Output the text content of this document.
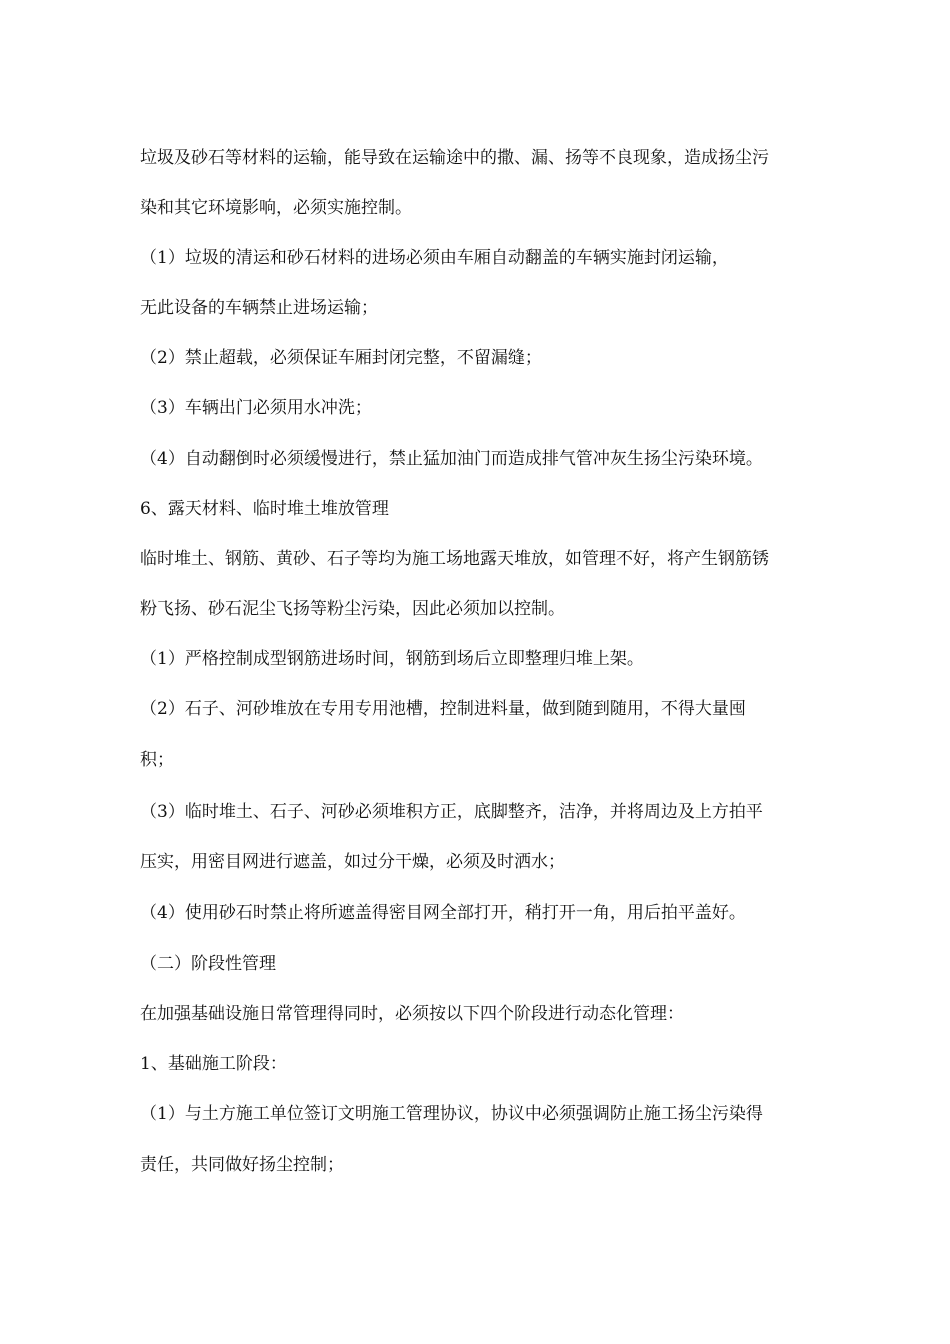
垃圾及砂石等材料的运输，能导致在运输途中的撒、漏、扬等不良现象，造成扬尘污
染和其它环境影响，必须实施控制。
（1）垃圾的清运和砂石材料的进场必须由车厢自动翻盖的车辆实施封闭运输，
无此设备的车辆禁止进场运输；
（2）禁止超载，必须保证车厢封闭完整，不留漏缝；
（3）车辆出门必须用水冲洗；
（4）自动翻倒时必须缓慢进行，禁止猛加油门而造成排气管冲灰生扬尘污染环境。
6、露天材料、临时堆土堆放管理
临时堆土、钢筋、黄砂、石子等均为施工场地露天堆放，如管理不好，将产生钢筋锈
粉飞扬、砂石泥尘飞扬等粉尘污染，因此必须加以控制。
（1）严格控制成型钢筋进场时间，钢筋到场后立即整理归堆上架。
（2）石子、河砂堆放在专用专用池槽，控制进料量，做到随到随用，不得大量囤
积；
（3）临时堆土、石子、河砂必须堆积方正，底脚整齐，洁净，并将周边及上方拍平
压实，用密目网进行遮盖，如过分干燥，必须及时洒水；
（4）使用砂石时禁止将所遮盖得密目网全部打开，稍打开一角，用后拍平盖好。
（二）阶段性管理
在加强基础设施日常管理得同时，必须按以下四个阶段进行动态化管理：
1、基础施工阶段：
（1）与土方施工单位签订文明施工管理协议，协议中必须强调防止施工扬尘污染得
责任，共同做好扬尘控制；
